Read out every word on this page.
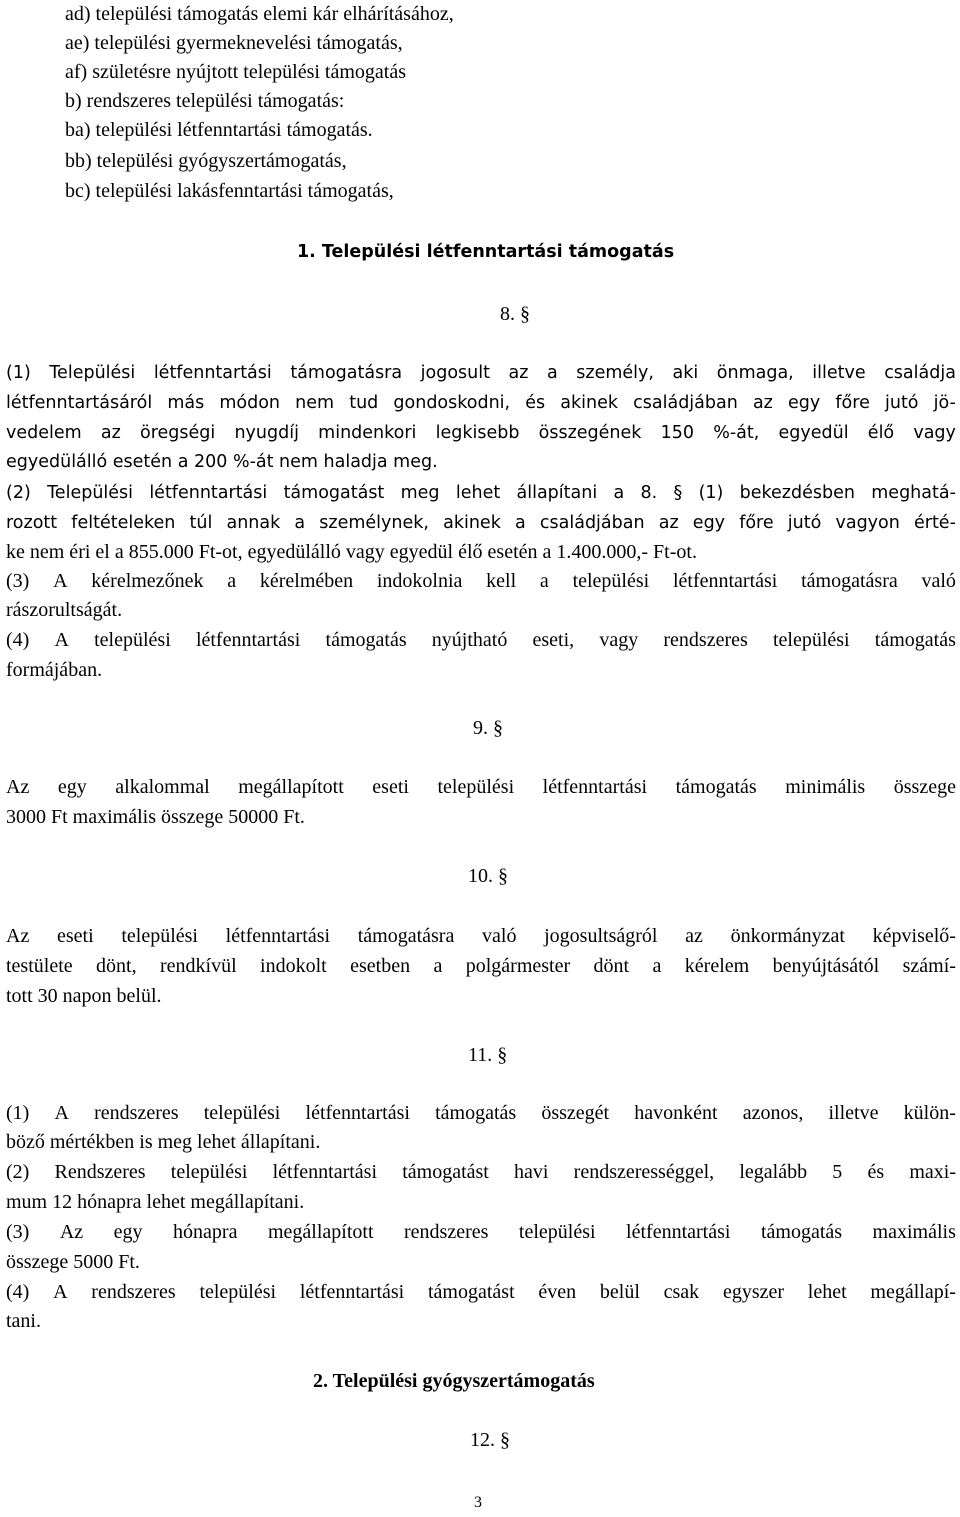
ad) települési támogatás elemi kár elhárításához,
ae) települési gyermeknevelési támogatás,
af) születésre nyújtott települési támogatás
b) rendszeres települési támogatás:
ba) települési létfenntartási támogatás.
bb) települési gyógyszertámogatás,
bc) települési lakásfenntartási támogatás,
1. Települési létfenntartási támogatás
8. §
(1) Települési létfenntartási támogatásra jogosult az a személy, aki önmaga, illetve családja
létfenntartásáról más módon nem tud gondoskodni, és akinek családjában az egy főre jutó jö-
vedelem az öregségi nyugdíj mindenkori legkisebb összegének 150 %-át, egyedül élő vagy
egyedülálló esetén a 200 %-át nem haladja meg.
(2) Települési létfenntartási támogatást meg lehet állapítani a 8. § (1) bekezdésben meghatá-
rozott feltételeken túl annak a személynek, akinek a családjában az egy főre jutó vagyon érté-
ke nem éri el a 855.000 Ft-ot, egyedülálló vagy egyedül élő esetén a 1.400.000,- Ft-ot.
(3) A kérelmezőnek a kérelmében indokolnia kell a települési létfenntartási támogatásra való
rászorultságát.
(4) A települési létfenntartási támogatás nyújtható eseti, vagy rendszeres települési támogatás
formájában.
9. §
Az egy alkalommal megállapított eseti települési létfenntartási támogatás minimális összege
3000 Ft maximális összege 50000 Ft.
10. §
Az eseti települési létfenntartási támogatásra való jogosultságról az önkormányzat képviselő-
testülete dönt, rendkívül indokolt esetben a polgármester dönt a kérelem benyújtásától számí-
tott 30 napon belül.
11. §
(1) A rendszeres települési létfenntartási támogatás összegét havonként azonos, illetve külön-
böző mértékben is meg lehet állapítani.
(2) Rendszeres települési létfenntartási támogatást havi rendszerességgel, legalább 5 és maxi-
mum 12 hónapra lehet megállapítani.
(3) Az egy hónapra megállapított rendszeres települési létfenntartási támogatás maximális
összege 5000 Ft.
(4) A rendszeres települési létfenntartási támogatást éven belül csak egyszer lehet megállapí-
tani.
2. Települési gyógyszertámogatás
12. §
3
